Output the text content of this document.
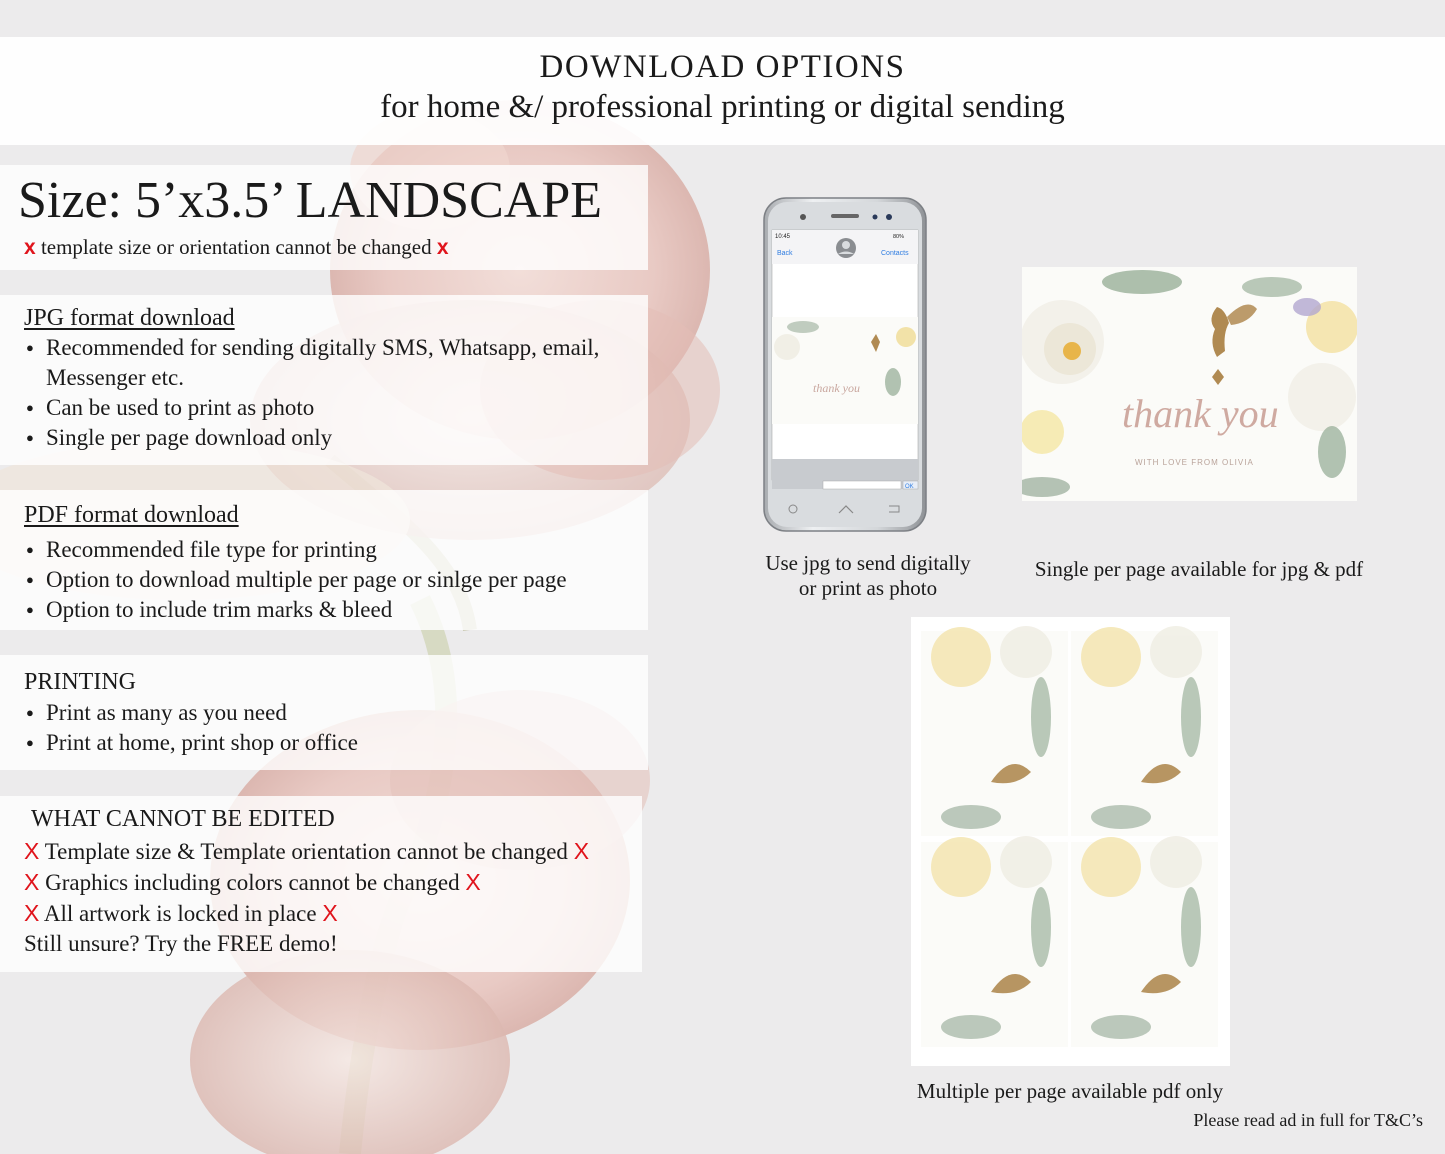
DOWNLOAD OPTIONS
for home &/ professional printing or digital sending
Size: 5’x3.5’ LANDSCAPE
x template size or orientation cannot be changed x
JPG format download
● Recommended for sending digitally SMS, Whatsapp, email, Messenger etc.
● Can be used to print as photo
● Single per page download only
PDF format download
● Recommended file type for printing
● Option to download multiple per page or sinlge per page
● Option to include trim marks & bleed
PRINTING
● Print as many as you need
● Print at home, print shop or office
WHAT CANNOT BE EDITED
X Template size & Template orientation cannot be changed X
X Graphics including colors cannot be changed X
X All artwork is locked in place X
Still unsure? Try the FREE demo!
10:45	80%
Back	Contacts
thank you
OK
thank you
WITH LOVE FROM OLIVIA
Use jpg to send digitally
or print as photo
Single per page available for jpg & pdf
Multiple per page available pdf only
Please read ad in full for T&C’s
